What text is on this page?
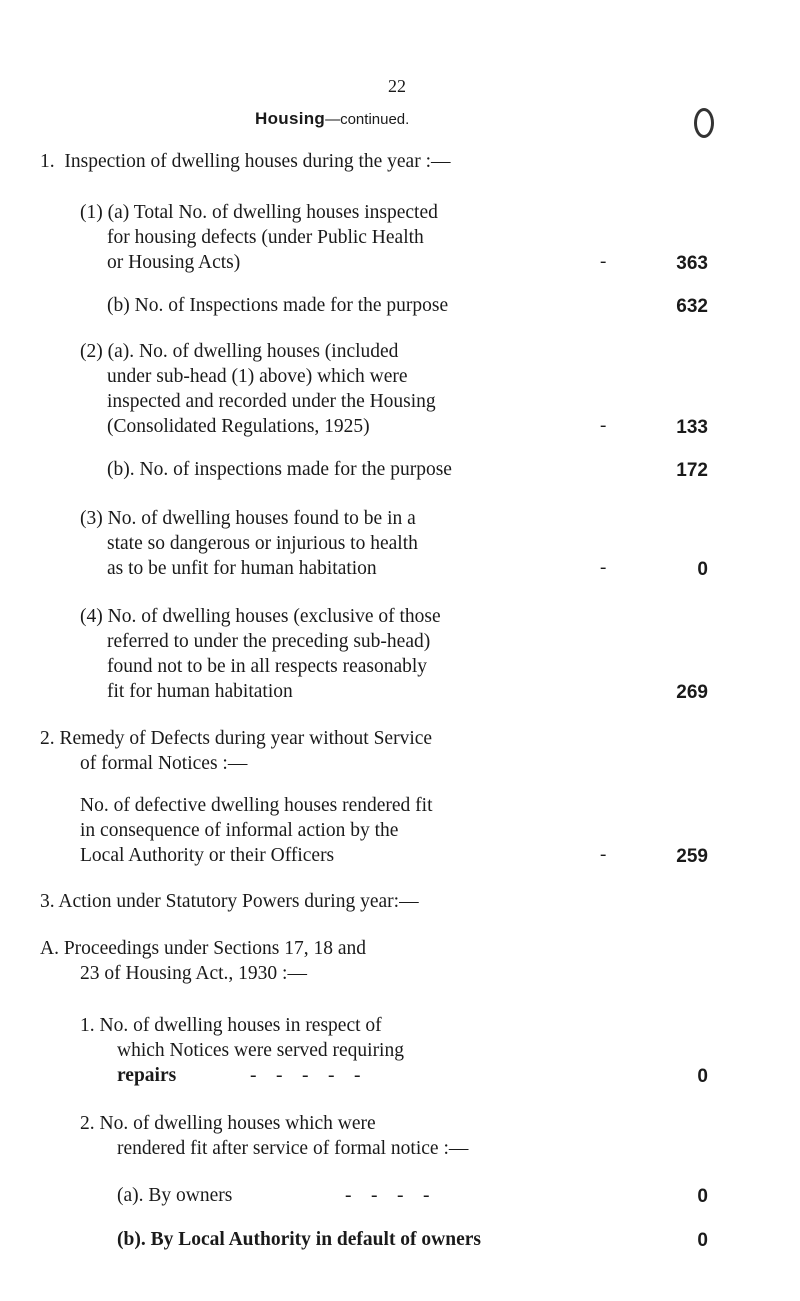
22
Housing—continued.
1.  Inspection of dwelling houses during the year :—
(1) (a) Total No. of dwelling houses inspected
for housing defects (under Public Health
or Housing Acts)	-	363
(b) No. of Inspections made for the purpose	632
(2) (a). No. of dwelling houses (included
under sub-head (1) above) which were
inspected and recorded under the Housing
(Consolidated Regulations, 1925)	-	133
(b). No. of inspections made for the purpose	172
(3) No. of dwelling houses found to be in a
state so dangerous or injurious to health
as to be unfit for human habitation	-	0
(4) No. of dwelling houses (exclusive of those
referred to under the preceding sub-head)
found not to be in all respects reasonably
fit for human habitation	269
2. Remedy of Defects during year without Service
of formal Notices :—
No. of defective dwelling houses rendered fit
in consequence of informal action by the
Local Authority or their Officers	-	259
3. Action under Statutory Powers during year:—
A. Proceedings under Sections 17, 18 and
23 of Housing Act., 1930 :—
1. No. of dwelling houses in respect of
which Notices were served requiring
repairs	-    -    -    -    -	0
2. No. of dwelling houses which were
rendered fit after service of formal notice :—
(a). By owners	-    -    -    -	0
(b). By Local Authority in default of owners	0
